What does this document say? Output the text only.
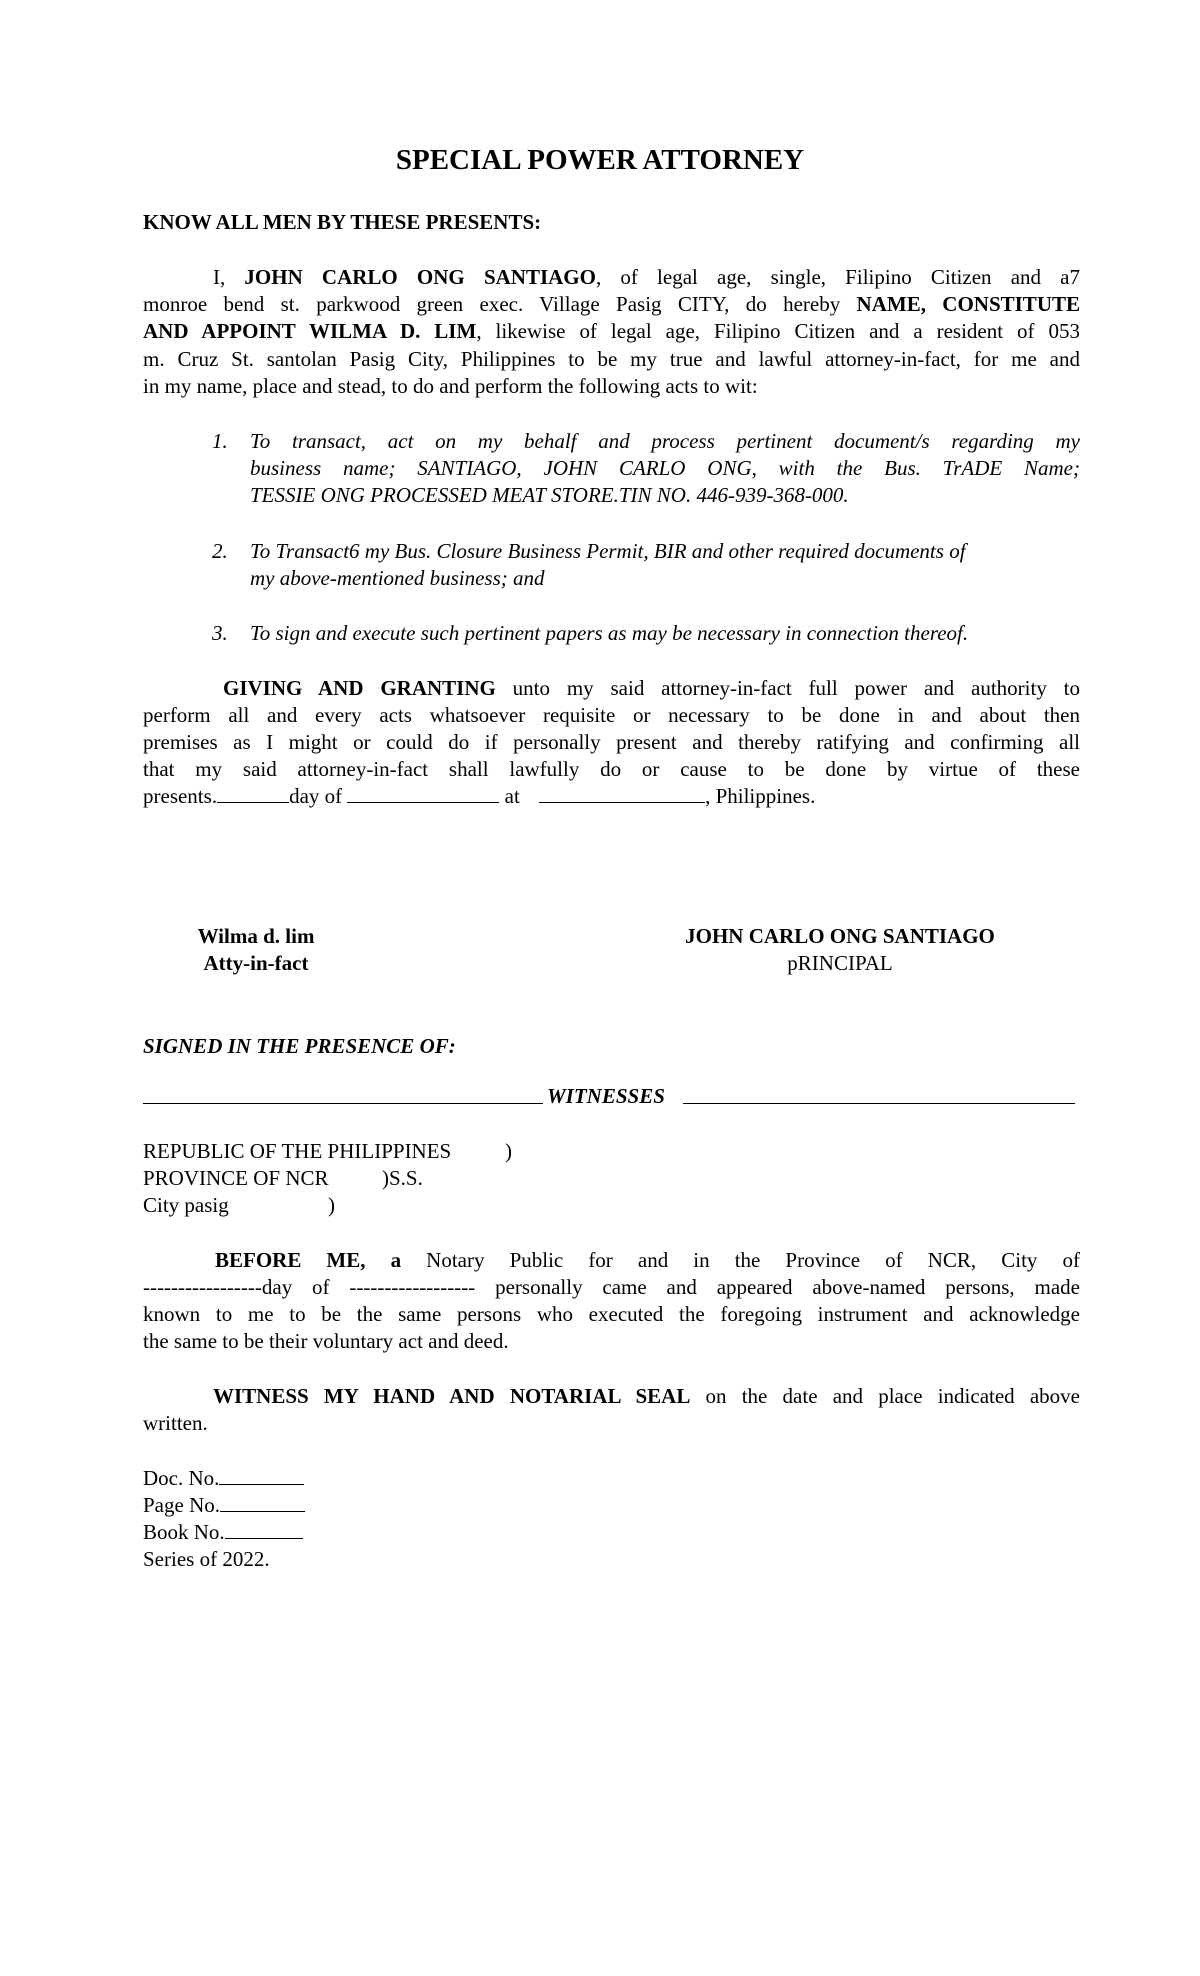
SPECIAL POWER ATTORNEY
KNOW ALL MEN BY THESE PRESENTS:
I, JOHN CARLO ONG SANTIAGO, of legal age, single, Filipino Citizen and a7
monroe bend st. parkwood green exec. Village Pasig CITY, do hereby NAME, CONSTITUTE
AND APPOINT WILMA D. LIM, likewise of legal age, Filipino Citizen and a resident of 053
m. Cruz St. santolan Pasig City, Philippines to be my true and lawful attorney-in-fact, for me and
in my name, place and stead, to do and perform the following acts to wit:
1. To transact, act on my behalf and process pertinent document/s regarding my
business name; SANTIAGO, JOHN CARLO ONG, with the Bus. TrADE Name;
TESSIE ONG PROCESSED MEAT STORE.TIN NO. 446-939-368-000.
2. To Transact6 my Bus. Closure Business Permit, BIR and other required documents of
my above-mentioned business; and
3. To sign and execute such pertinent papers as may be necessary in connection thereof.
GIVING AND GRANTING unto my said attorney-in-fact full power and authority to
perform all and every acts whatsoever requisite or necessary to be done in and about then
premises as I might or could do if personally present and thereby ratifying and confirming all
that my said attorney-in-fact shall lawfully do or cause to be done by virtue of these
presents.	day of	at	, Philippines.
Wilma d. lim
Atty-in-fact
JOHN CARLO ONG SANTIAGO
pRINCIPAL
SIGNED IN THE PRESENCE OF:
WITNESSES
REPUBLIC OF THE PHILIPPINES	)
PROVINCE OF NCR	)S.S.
City pasig	)
BEFORE ME, a Notary Public for and in the Province of NCR, City of
-----------------day of ------------------ personally came and appeared above-named persons, made
known to me to be the same persons who executed the foregoing instrument and acknowledge
the same to be their voluntary act and deed.
WITNESS MY HAND AND NOTARIAL SEAL on the date and place indicated above
written.
Doc. No.
Page No.
Book No.
Series of 2022.
